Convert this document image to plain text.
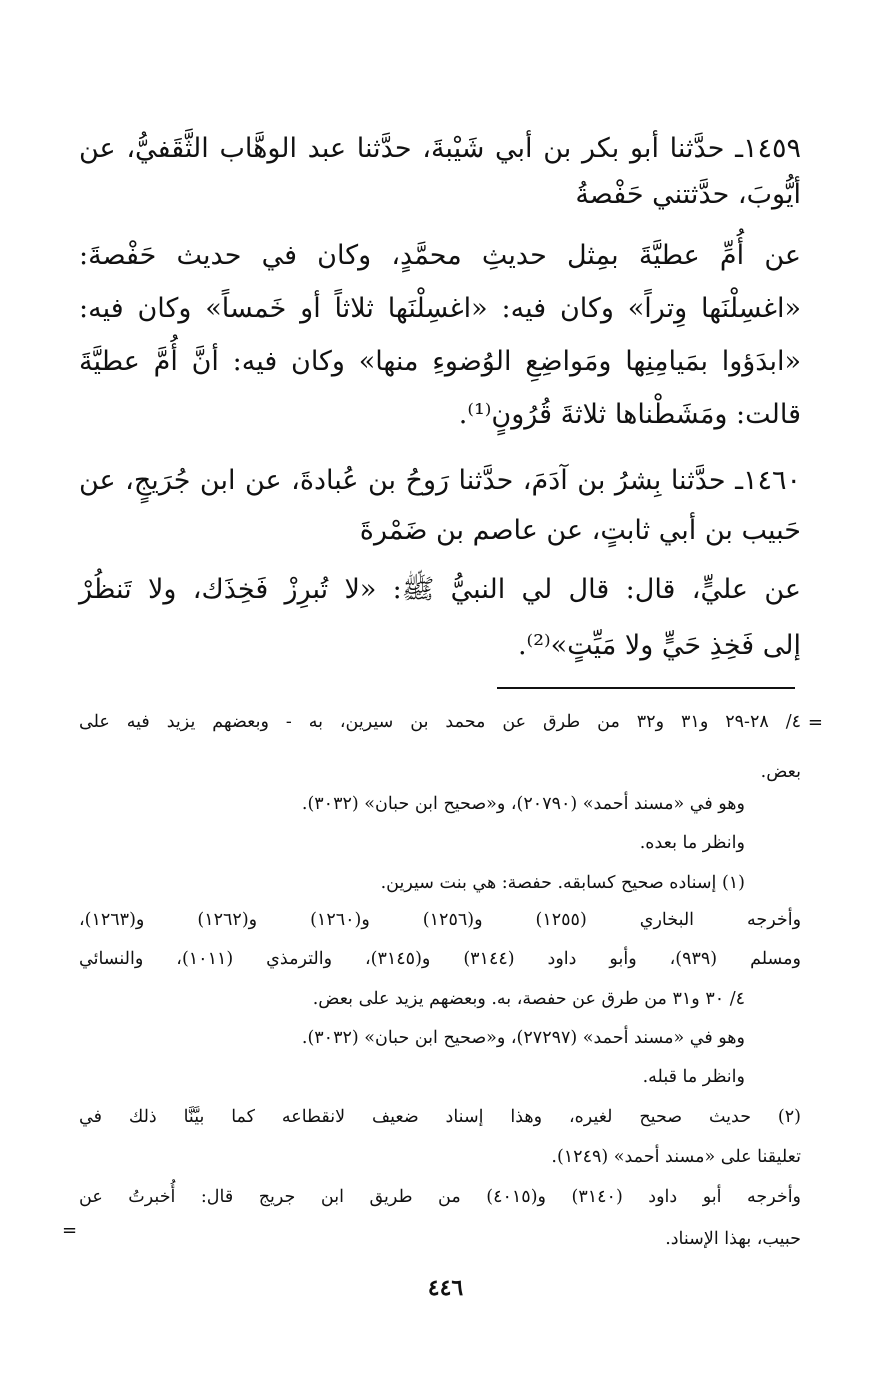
١٤٥٩ـ حدَّثنا أبو بكر بن أبي شَيْبةَ، حدَّثنا عبد الوهَّاب الثَّقَفيُّ، عن
أيُّوبَ، حدَّثتني حَفْصةُ
عن أُمِّ عطيَّةَ بمِثل حديثِ محمَّدٍ، وكان في حديث حَفْصةَ:
«اغسِلْنَها وِتراً» وكان فيه: «اغسِلْنَها ثلاثاً أو خَمساً» وكان فيه:
«ابدَؤوا بمَيامِنِها ومَواضِعِ الوُضوءِ منها» وكان فيه: أنَّ أُمَّ عطيَّةَ
قالت: ومَشَطْناها ثلاثةَ قُرُونٍ⁽¹⁾.
١٤٦٠ـ حدَّثنا بِشرُ بن آدَمَ، حدَّثنا رَوحُ بن عُبادةَ، عن ابن جُرَيجٍ، عن
حَبيب بن أبي ثابتٍ، عن عاصم بن ضَمْرةَ
عن عليٍّ، قال: قال لي النبيُّ ﷺ: «لا تُبرِزْ فَخِذَك، ولا تَنظُرْ
إلى فَخِذِ حَيٍّ ولا مَيِّتٍ»⁽²⁾.
=
٤/ ٢٨-٢٩ و٣١ و٣٢ من طرق عن محمد بن سيرين، به - وبعضهم يزيد فيه على
بعض.
وهو في «مسند أحمد» (٢٠٧٩٠)، و«صحيح ابن حبان» (٣٠٣٢).
وانظر ما بعده.
(١) إسناده صحيح كسابقه. حفصة: هي بنت سيرين.
وأخرجه البخاري (١٢٥٥) و(١٢٥٦) و(١٢٦٠) و(١٢٦٢) و(١٢٦٣)،
ومسلم (٩٣٩)، وأبو داود (٣١٤٤) و(٣١٤٥)، والترمذي (١٠١١)، والنسائي
٤/ ٣٠ و٣١ من طرق عن حفصة، به. وبعضهم يزيد على بعض.
وهو في «مسند أحمد» (٢٧٢٩٧)، و«صحيح ابن حبان» (٣٠٣٢).
وانظر ما قبله.
(٢) حديث صحيح لغيره، وهذا إسناد ضعيف لانقطاعه كما بيَّنَّا ذلك في
تعليقنا على «مسند أحمد» (١٢٤٩).
وأخرجه أبو داود (٣١٤٠) و(٤٠١٥) من طريق ابن جريج قال: أُخبرتُ عن
حبيب، بهذا الإسناد.
=
٤٤٦
